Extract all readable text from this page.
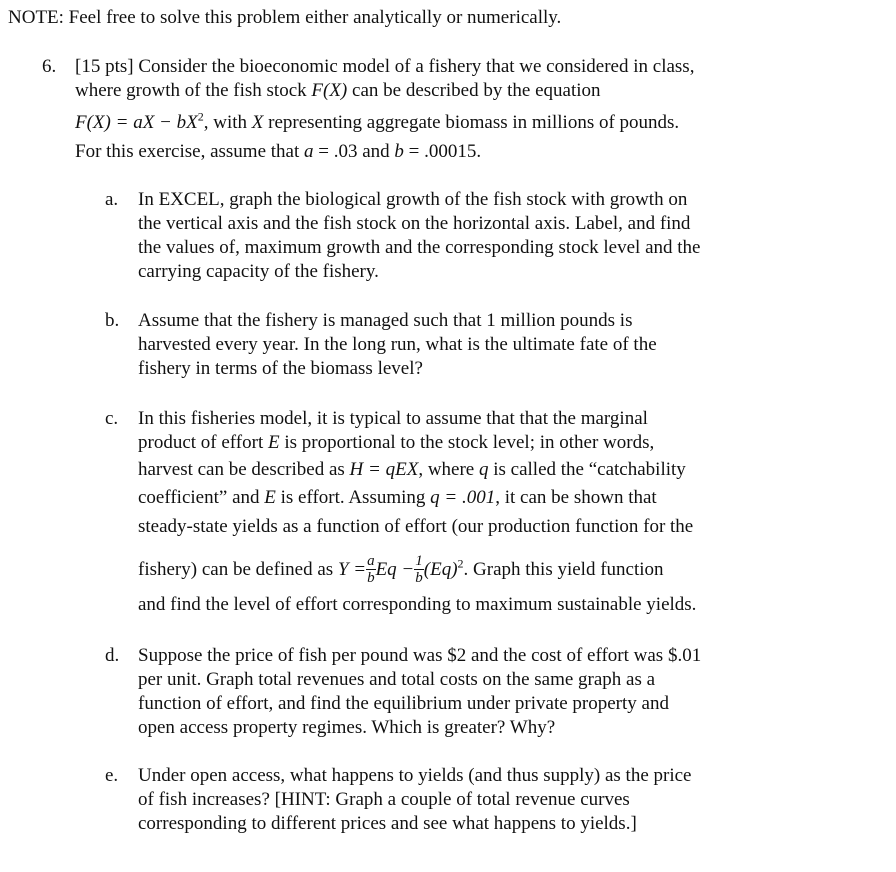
NOTE: Feel free to solve this problem either analytically or numerically.
6. [15 pts] Consider the bioeconomic model of a fishery that we considered in class,
where growth of the fish stock F(X) can be described by the equation
F(X) = aX − $bX^2$, with X representing aggregate biomass in millions of pounds.
For this exercise, assume that a = .03 and b = .00015.
a.	In EXCEL, graph the biological growth of the fish stock with growth on
the vertical axis and the fish stock on the horizontal axis. Label, and find
the values of, maximum growth and the corresponding stock level and the
carrying capacity of the fishery.
b. Assume that the fishery is managed such that 1 million pounds is
harvested every year. In the long run, what is the ultimate fate of the
fishery in terms of the biomass level?
c.	In this fisheries model, it is typical to assume that that the marginal
product of effort E is proportional to the stock level; in other words,
harvest can be described as H = qEX, where q is called the “catchability
coefficient” and E is effort. Assuming q = .001, it can be shown that
steady-state yields as a function of effort (our production function for the
fishery) can be defined as $Y = \frac{a}{b}$ $Eq - \frac{1}{b} (Eq)^2$. Graph this yield function
and find the level of effort corresponding to maximum sustainable yields.
d. Suppose the price of fish per pound was $2 and the cost of effort was $.01
per unit. Graph total revenues and total costs on the same graph as a
function of effort, and find the equilibrium under private property and
open access property regimes. Which is greater? Why?
e.	Under open access, what happens to yields (and thus supply) as the price
of fish increases? [HINT: Graph a couple of total revenue curves
corresponding to different prices and see what happens to yields.]
